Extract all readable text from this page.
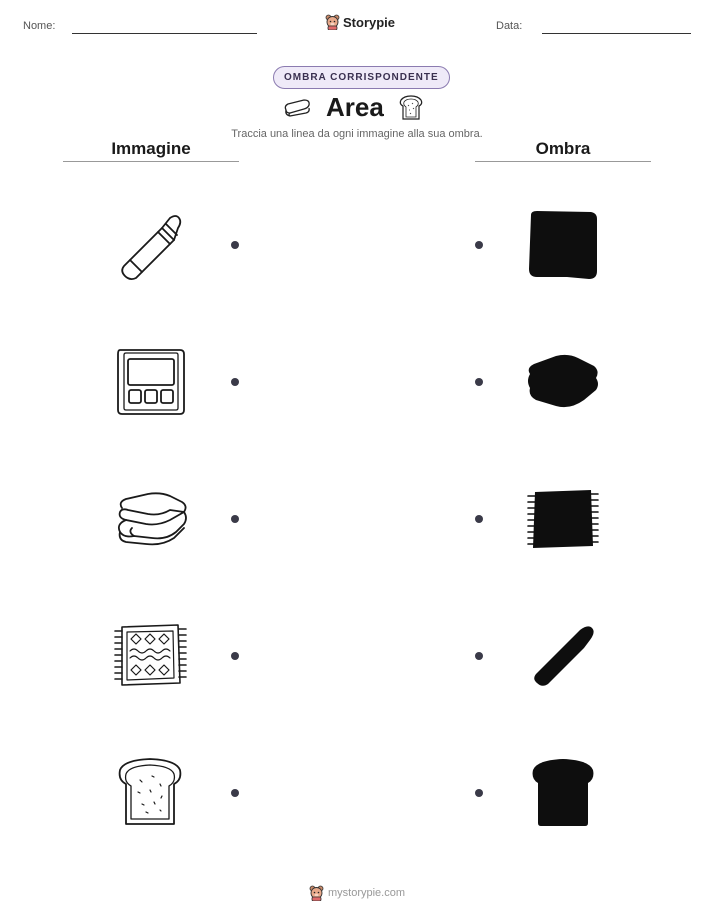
Nome:	Storypie	Data:
OMBRA CORRISPONDENTE
Area
Traccia una linea da ogni immagine alla sua ombra.
Immagine	Ombra
mystorypie.com
